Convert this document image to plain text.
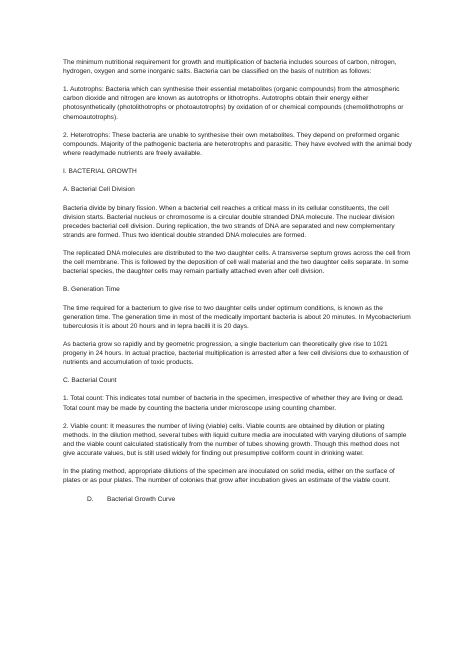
The minimum nutritional requirement for growth and multiplication of bacteria includes sources of carbon, nitrogen, hydrogen, oxygen and some inorganic salts. Bacteria can be classified on the basis of nutrition as follows:

1. Autotrophs: Bacteria which can synthesise their essential metabolites (organic compounds) from the atmospheric carbon dioxide and nitrogen are known as autotrophs or lithotrophs. Autotrophs obtain their energy either photosynthetically (photolithotrophs or photoautotrophs) by oxidation of or chemical compounds (chemolithotrophs or chemoautotrophs).

2. Heterotrophs: These bacteria are unable to synthesise their own metabolites. They depend on preformed organic compounds. Majority of the pathogenic bacteria are heterotrophs and parasitic. They have evolved with the animal body where readymade nutrients are freely available.

I. BACTERIAL GROWTH

A. Bacterial Cell Division

Bacteria divide by binary fission. When a bacterial cell reaches a critical mass in its cellular constituents, the cell division starts. Bacterial nucleus or chromosome is a circular double stranded DNA molecule. The nuclear division precedes bacterial cell division. During replication, the two strands of DNA are separated and new complementary strands are formed. Thus two identical double stranded DNA molecules are formed.

The replicated DNA molecules are distributed to the two daughter cells. A transverse septum grows across the cell from the cell membrane. This is followed by the deposition of cell wall material and the two daughter cells separate. In some bacterial species, the daughter cells may remain partially attached even after cell division.

B. Generation Time

The time required for a bacterium to give rise to two daughter cells under optimum conditions, is known as the generation time. The generation time in most of the medically important bacteria is about 20 minutes. In Mycobacterium tuberculosis it is about 20 hours and in lepra bacilli it is 20 days.

As bacteria grow so rapidly and by geometric progression, a single bacterium can theoretically give rise to 1021 progeny in 24 hours. In actual practice, bacterial multiplication is arrested after a few cell divisions due to exhaustion of nutrients and accumulation of toxic products.

C. Bacterial Count

1. Total count: This indicates total number of bacteria in the specimen, irrespective of whether they are living or dead. Total count may be made by counting the bacteria under microscope using counting chamber.

2. Viable count: It measures the number of living (viable) cells. Viable counts are obtained by dilution or plating methods. In the dilution method, several tubes with liquid culture media are inoculated with varying dilutions of sample and the viable count calculated statistically from the number of tubes showing growth. Though this method does not give accurate values, but is still used widely for finding out presumptive coliform count in drinking water.

In the plating method, appropriate dilutions of the specimen are inoculated on solid media, either on the surface of plates or as pour plates. The number of colonies that grow after incubation gives an estimate of the viable count.

D. Bacterial Growth Curve
